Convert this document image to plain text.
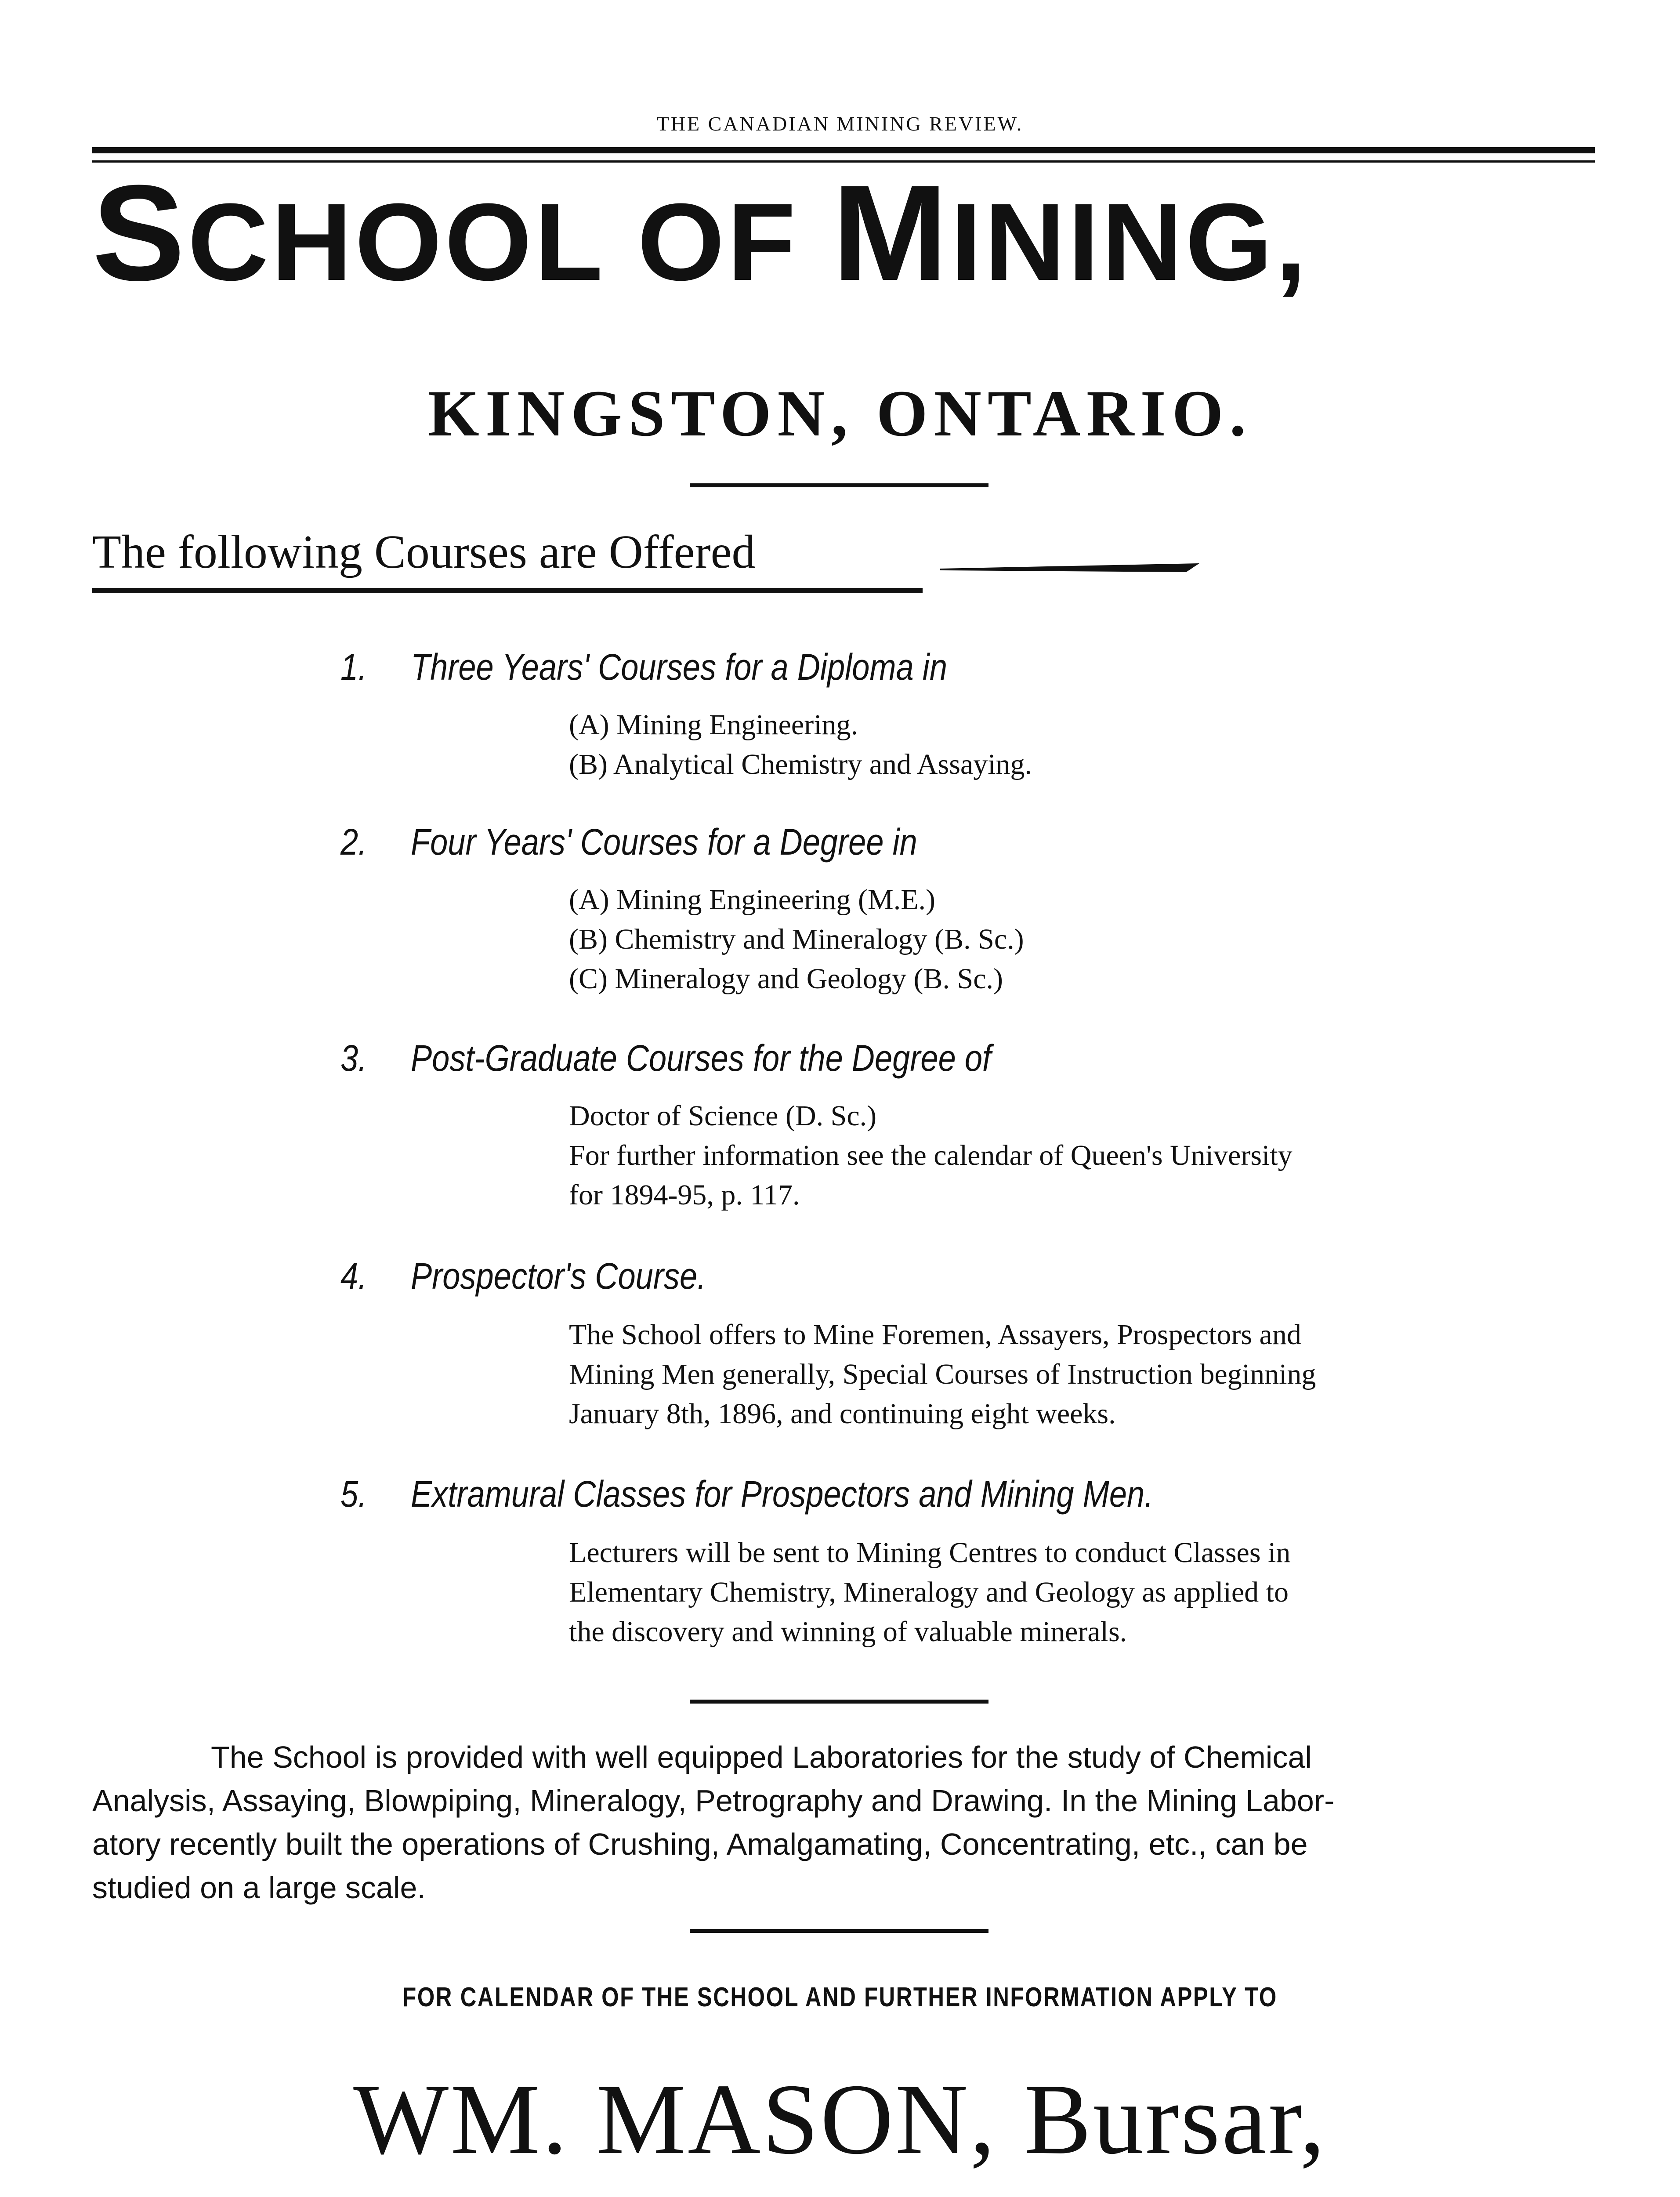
THE CANADIAN MINING REVIEW.
SCHOOL OF MINING,
KINGSTON, ONTARIO.
The following Courses are Offered
1. Three Years' Courses for a Diploma in
(A) Mining Engineering.
(B) Analytical Chemistry and Assaying.
2. Four Years' Courses for a Degree in
(A) Mining Engineering (M.E.)
(B) Chemistry and Mineralogy (B. Sc.)
(C) Mineralogy and Geology (B. Sc.)
3. Post-Graduate Courses for the Degree of
Doctor of Science (D. Sc.)
For further information see the calendar of Queen's University
for 1894-95, p. 117.
4. Prospector's Course.
The School offers to Mine Foremen, Assayers, Prospectors and
Mining Men generally, Special Courses of Instruction beginning
January 8th, 1896, and continuing eight weeks.
5. Extramural Classes for Prospectors and Mining Men.
Lecturers will be sent to Mining Centres to conduct Classes in
Elementary Chemistry, Mineralogy and Geology as applied to
the discovery and winning of valuable minerals.
The School is provided with well equipped Laboratories for the study of Chemical
Analysis, Assaying, Blowpiping, Mineralogy, Petrography and Drawing. In the Mining Labor-
atory recently built the operations of Crushing, Amalgamating, Concentrating, etc., can be
studied on a large scale.
FOR CALENDAR OF THE SCHOOL AND FURTHER INFORMATION APPLY TO
WM. MASON, Bursar,
